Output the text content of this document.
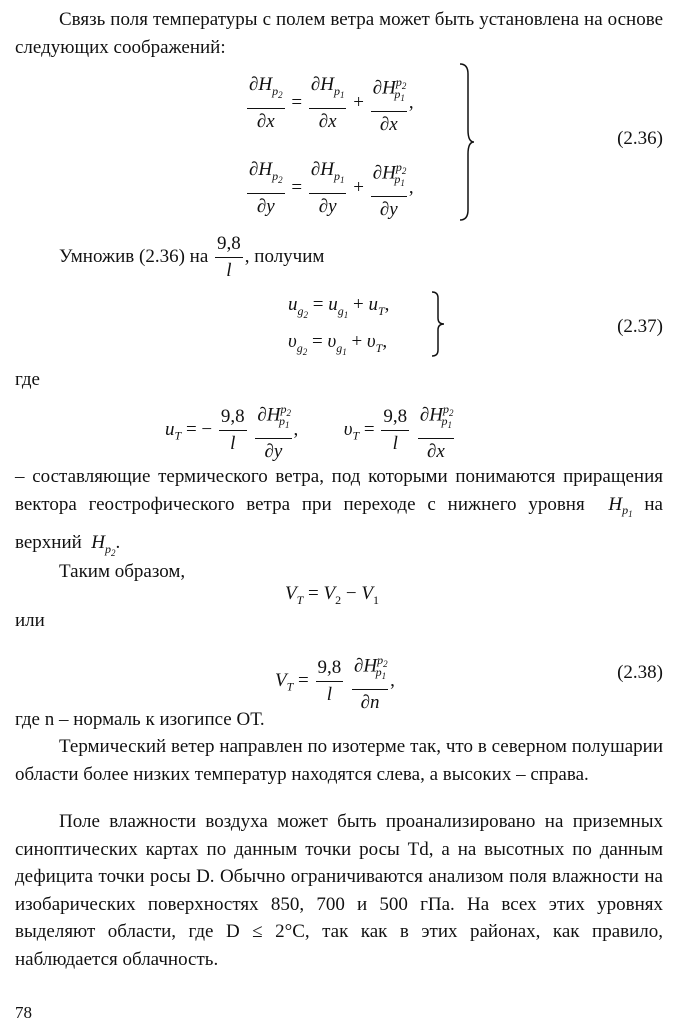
Связь поля температуры с полем ветра может быть установлена на основе следующих соображений:

$\frac{\partial H_{p_2}}{\partial x} = \frac{\partial H_{p_1}}{\partial x} + \frac{\partial H^{p_2}_{p_1}}{\partial x}$ ,
$\frac{\partial H_{p_2}}{\partial y} = \frac{\partial H_{p_1}}{\partial y} + \frac{\partial H^{p_2}_{p_1}}{\partial y}$ ,
(2.36)
Умножив (2.36) на $\frac{9,8}{l}$ , получим
$u_{g_2} = u_{g_1} + u_T$,
$\upsilon_{g_2} = \upsilon_{g_1} + \upsilon_T$,
(2.37)
где
$u_T$ = − $\frac{9,8}{l}$
$\frac{\partial H^{p_2}_{p_1}}{\partial y}$ ,  $\upsilon_T = \frac{9,8}{l}$
$\frac{\partial H^{p_2}_{p_1}}{\partial x}$

– составляющие термического ветра, под которыми понимаются приращения вектора геострофического ветра при переходе с нижнего уровня  $H_{p_1}$ на верхний  $H_{p_2}$.

Таким образом,
$V_T = V_2 - V_1$
или
$V_T = \frac{9,8}{l}$
$\frac{\partial H^{p_2}_{p_1}}{\partial n}$ ,	(2.38)

где n – нормаль к изогипсе ОТ.

Термический ветер направлен по изотерме так, что в северном полушарии области более низких температур находятся слева, а высоких – справа.

Поле влажности воздуха может быть проанализировано на приземных синоптических картах по данным точки росы Td, а на высотных по данным дефицита точки росы D. Обычно ограничиваются анализом поля влажности на изобарических поверхностях 850, 700 и 500 гПа. На всех этих уровнях выделяют области, где D ≤ 2°C, так как в этих районах, как правило, наблюдается облачность.

78
